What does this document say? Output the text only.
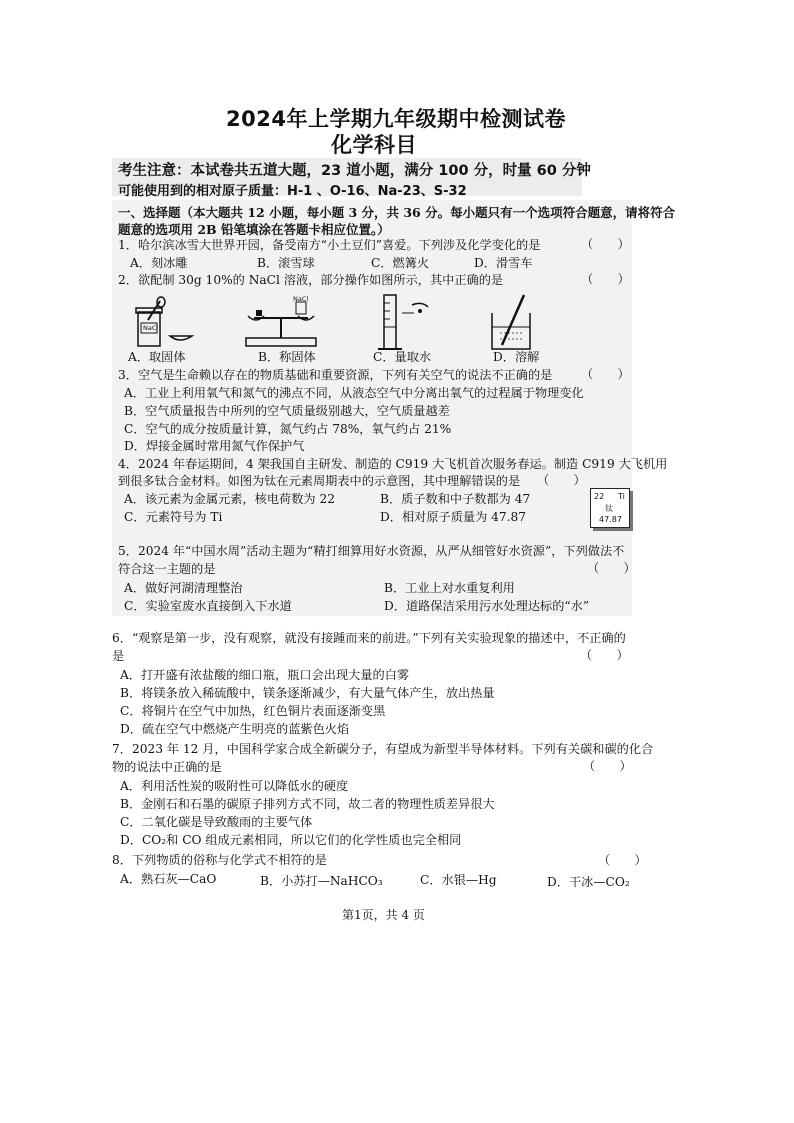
2024年上学期九年级期中检测试卷
化学科目
考生注意：本试卷共五道大题，23 道小题，满分 100 分，时量 60 分钟
可能使用到的相对原子质量：H-1 、O-16、Na-23、S-32
一、选择题（本大题共 12 小题，每小题 3 分，共 36 分。每小题只有一个选项符合题意，请将符合
题意的选项用 2B 铅笔填涂在答题卡相应位置。）
1．哈尔滨冰雪大世界开园，备受南方“小土豆们”喜爱。下列涉及化学变化的是	（　　）
A．刻冰雕	B．滚雪球	C．燃篝火	D．滑雪车
2．欲配制 30g 10%的 NaCl 溶液，部分操作如图所示，其中正确的是	（　　）
NaCl
NaCl
A．取固体	B．称固体	C．量取水	D．溶解
3．空气是生命赖以存在的物质基础和重要资源，下列有关空气的说法不正确的是 （　　）
A．工业上利用氧气和氮气的沸点不同，从液态空气中分离出氧气的过程属于物理变化
B．空气质量报告中所列的空气质量级别越大，空气质量越差
C．空气的成分按质量计算，氮气约占 78%，氧气约占 21%
D．焊接金属时常用氮气作保护气
4．2024 年春运期间，4 架我国自主研发、制造的 C919 大飞机首次服务春运。制造 C919 大飞机用
到很多钛合金材料。如图为钛在元素周期表中的示意图，其中理解错误的是 （　　）
A．该元素为金属元素，核电荷数为 22	B．质子数和中子数都为 47
C．元素符号为 Ti	D．相对原子质量为 47.87
22 Ti
钛
47.87
5．2024 年“中国水周”活动主题为“精打细算用好水资源，从严从细管好水资源”，下列做法不
符合这一主题的是	（　　）
A．做好河湖清理整治	B．工业上对水重复利用
C．实验室废水直接倒入下水道	D．道路保洁采用污水处理达标的“水”
6．“观察是第一步，没有观察，就没有接踵而来的前进。”下列有关实验现象的描述中，不正确的
是	（　　）
A．打开盛有浓盐酸的细口瓶，瓶口会出现大量的白雾
B．将镁条放入稀硫酸中，镁条逐渐减少，有大量气体产生，放出热量
C．将铜片在空气中加热，红色铜片表面逐渐变黑
D．硫在空气中燃烧产生明亮的蓝紫色火焰
7．2023 年 12 月，中国科学家合成全新碳分子，有望成为新型半导体材料。下列有关碳和碳的化合
物的说法中正确的是	（　　）
A．利用活性炭的吸附性可以降低水的硬度
B．金刚石和石墨的碳原子排列方式不同，故二者的物理性质差异很大
C．二氧化碳是导致酸雨的主要气体
D．CO₂和 CO 组成元素相同，所以它们的化学性质也完全相同
8．下列物质的俗称与化学式不相符的是	（　　）
A．熟石灰—CaO	B．小苏打—NaHCO₃	C．水银—Hg	D．干冰—CO₂
第1页，共 4 页
